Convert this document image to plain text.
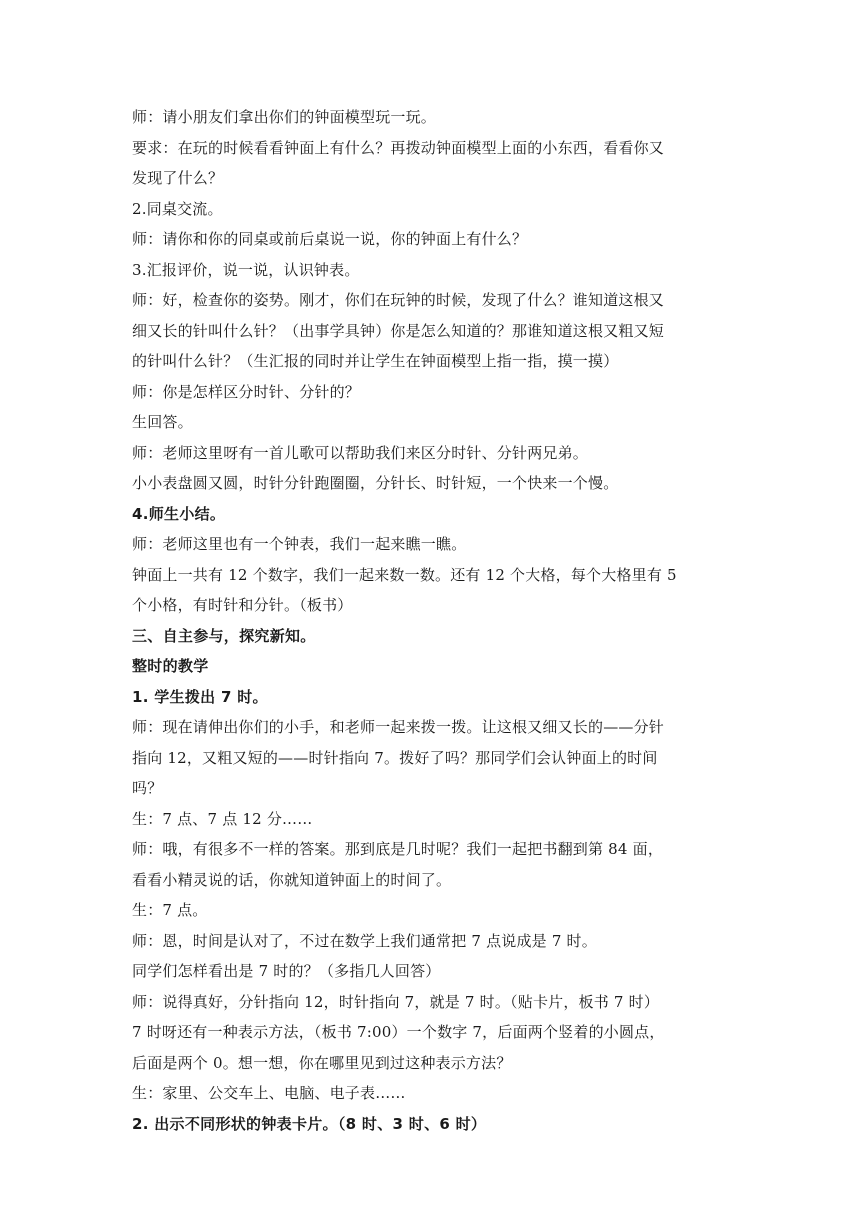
师：请小朋友们拿出你们的钟面模型玩一玩。
要求：在玩的时候看看钟面上有什么？再拨动钟面模型上面的小东西，看看你又
发现了什么？
2.同桌交流。
师：请你和你的同桌或前后桌说一说，你的钟面上有什么？
3.汇报评价，说一说，认识钟表。
师：好，检查你的姿势。刚才，你们在玩钟的时候，发现了什么？谁知道这根又
细又长的针叫什么针？（出事学具钟）你是怎么知道的？那谁知道这根又粗又短
的针叫什么针？（生汇报的同时并让学生在钟面模型上指一指，摸一摸）
师：你是怎样区分时针、分针的？
生回答。
师：老师这里呀有一首儿歌可以帮助我们来区分时针、分针两兄弟。
小小表盘圆又圆，时针分针跑圈圈，分针长、时针短，一个快来一个慢。
4.师生小结。
师：老师这里也有一个钟表，我们一起来瞧一瞧。
钟面上一共有 12 个数字，我们一起来数一数。还有 12 个大格，每个大格里有 5
个小格，有时针和分针。（板书）
三、自主参与，探究新知。
整时的教学
1. 学生拨出 7 时。
师：现在请伸出你们的小手，和老师一起来拨一拨。让这根又细又长的——分针
指向 12，又粗又短的——时针指向 7。拨好了吗？那同学们会认钟面上的时间
吗？
生：7 点、7 点 12 分……
师：哦，有很多不一样的答案。那到底是几时呢？我们一起把书翻到第 84 面，
看看小精灵说的话，你就知道钟面上的时间了。
生：7 点。
师：恩，时间是认对了，不过在数学上我们通常把 7 点说成是 7 时。
同学们怎样看出是 7 时的？（多指几人回答）
师：说得真好，分针指向 12，时针指向 7，就是 7 时。（贴卡片，板书 7 时）
7 时呀还有一种表示方法，（板书 7:00）一个数字 7，后面两个竖着的小圆点，
后面是两个 0。想一想，你在哪里见到过这种表示方法？
生：家里、公交车上、电脑、电子表……
2. 出示不同形状的钟表卡片。（8 时、3 时、6 时）
